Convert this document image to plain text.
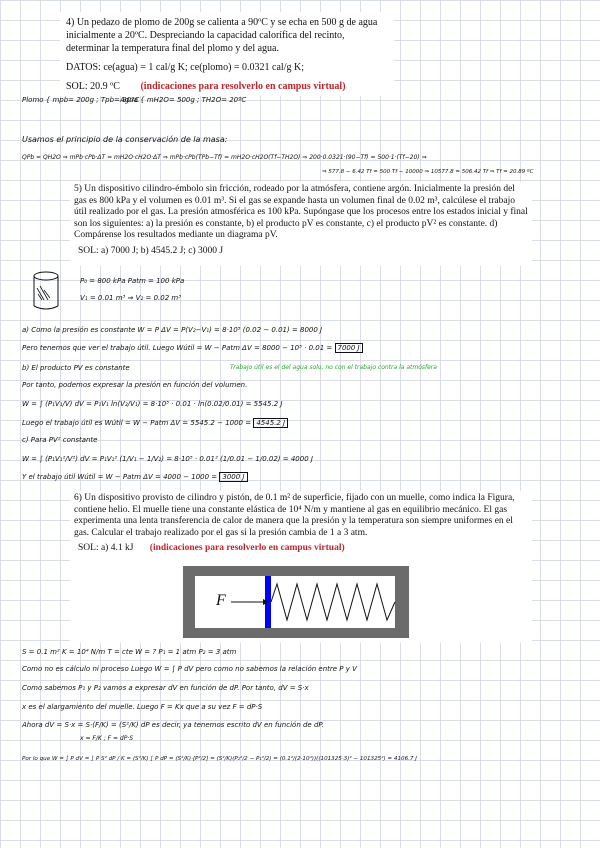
4) Un pedazo de plomo de 200g se calienta a 90ºC y se echa en 500 g de agua inicialmente a 20ºC. Despreciando la capacidad calorífica del recinto, determinar la temperatura final del plomo y del agua.

DATOS: ce(agua) = 1 cal/g K; ce(plomo) = 0.0321 cal/g K;

SOL: 20.9 ºC (indicaciones para resolverlo en campus virtual)

Plomo { mpb= 200g ; Tpb= 90ºC
Agua { mH2O= 500g ; TH2O= 20ºC
Usamos el principio de la conservación de la masa:
QPb = QH2O ⇒ mPb·cPb·ΔT = mH2O·cH2O·ΔT ⇒ mPb·cPb(TPb−Tf) = mH2O·cH2O(Tf−TH2O) ⇒ 200·0.0321·(90−Tf) = 500·1·(Tf−20) ⇒
⇒ 577.8 − 6.42 Tf = 500 Tf − 10000 ⇒ 10577.8 = 506.42 Tf ⇒ Tf = 20.89 ºC

5) Un dispositivo cilindro-émbolo sin fricción, rodeado por la atmósfera, contiene argón. Inicialmente la presión del gas es 800 kPa y el volumen es 0.01 m³. Si el gas se expande hasta un volumen final de 0.02 m³, calcúlese el trabajo útil realizado por el gas. La presión atmosférica es 100 kPa. Supóngase que los procesos entre los estados inicial y final son los siguientes: a) la presión es constante, b) el producto pV es constante, c) el producto pV² es constante. d) Compárense los resultados mediante un diagrama pV.

SOL: a) 7000 J; b) 4545.2 J; c) 3000 J

P₀ = 800 kPa Patm = 100 kPa
V₁ = 0.01 m³ ⇒ V₂ = 0.02 m³
a) Como la presión es constante W = P ΔV = P(V₂−V₁) = 8·10⁵ (0.02 − 0.01) = 8000 J
Pero tenemos que ver el trabajo útil. Luego Wútil = W − Patm ΔV = 8000 − 10⁵ · 0.01 = 7000 J
b) El producto PV es constante	Trabajo útil es el del agua solo, no con el trabajo contra la atmósfera
Por tanto, podemos expresar la presión en función del volumen.
W = ∫ (P₁V₁/V) dV = P₁V₁ ln(V₂/V₁) = 8·10⁵ · 0.01 · ln(0.02/0.01) = 5545.2 J
Luego el trabajo útil es Wútil = W − Patm ΔV = 5545.2 − 1000 = 4545.2 J
c) Para PV² constante
W = ∫ (P₁V₁²/V²) dV = P₁V₁² (1/V₁ − 1/V₂) = 8·10⁵ · 0.01² (1/0.01 − 1/0.02) = 4000 J
Y el trabajo útil Wútil = W − Patm ΔV = 4000 − 1000 = 3000 J

6) Un dispositivo provisto de cilindro y pistón, de 0.1 m² de superficie, fijado con un muelle, como indica la Figura, contiene helio. El muelle tiene una constante elástica de 10⁴ N/m y mantiene al gas en equilibrio mecánico. El gas experimenta una lenta transferencia de calor de manera que la presión y la temperatura son siempre uniformes en el gas. Calcular el trabajo realizado por el gas si la presión cambia de 1 a 3 atm.

SOL: a) 4.1 kJ (indicaciones para resolverlo en campus virtual)

F
S = 0.1 m² K = 10⁴ N/m T = cte W = ? P₁ = 1 atm P₂ = 3 atm
Como no es cálculo ni proceso Luego W = ∫ P dV pero como no sabemos la relación entre P y V
Como sabemos P₁ y P₂ vamos a expresar dV en función de dP. Por tanto, dV = S·x
x es el alargamiento del muelle. Luego F = Kx que a su vez F = dP·S
Ahora dV = S·x = S·(F/K) = (S²/K) dP es decir, ya tenemos escrito dV en función de dP.
x = F/K ; F = dP·S
Por lo que W = ∫ P dV = ∫ P S² dP / K = (S²/K) ∫ P dP = (S²/K)·[P²/2] = (S²/K)(P₂²/2 − P₁²/2) = (0.1²/(2·10⁴))((101325·3)² − 101325²) = 4106.7 J
